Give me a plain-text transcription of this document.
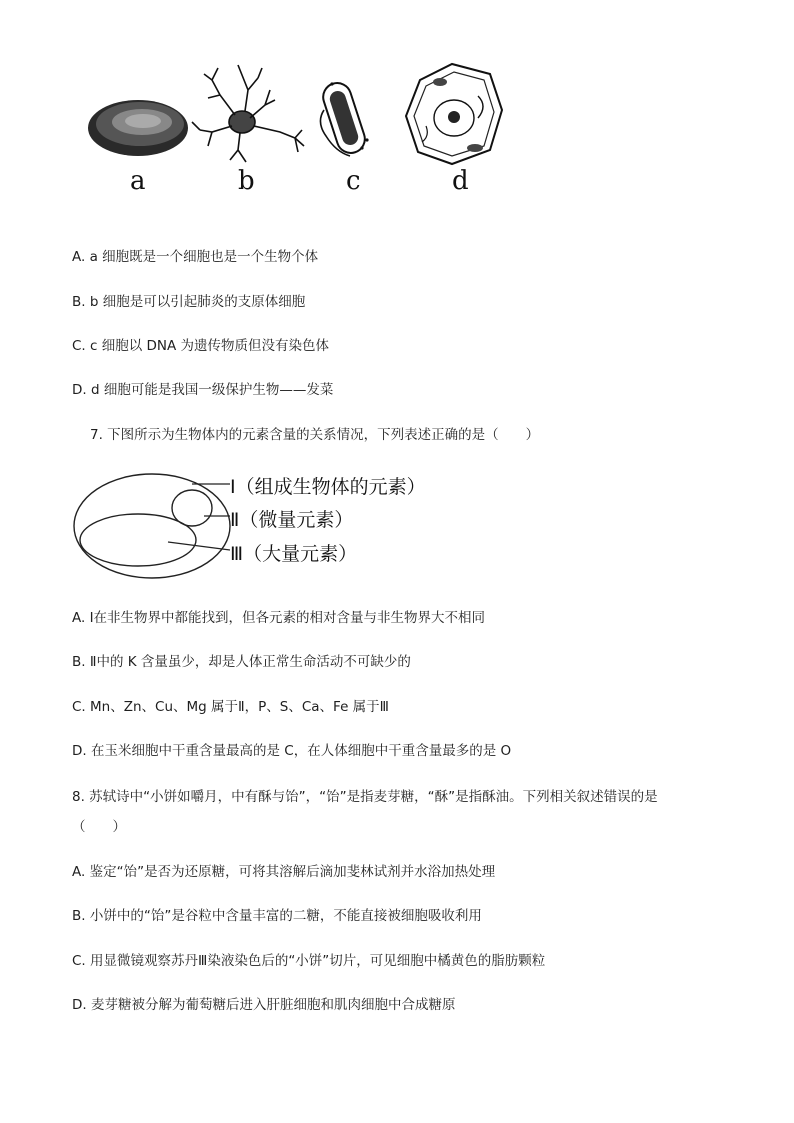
a	b	c	d
A. a 细胞既是一个细胞也是一个生物个体
B. b 细胞是可以引起肺炎的支原体细胞
C. c 细胞以 DNA 为遗传物质但没有染色体
D. d 细胞可能是我国一级保护生物——发菜
7. 下图所示为生物体内的元素含量的关系情况，下列表述正确的是（　　）
Ⅰ（组成生物体的元素）
Ⅱ（微量元素）
Ⅲ（大量元素）
A. Ⅰ在非生物界中都能找到，但各元素的相对含量与非生物界大不相同
B. Ⅱ中的 K 含量虽少，却是人体正常生命活动不可缺少的
C. Mn、Zn、Cu、Mg 属于Ⅱ，P、S、Ca、Fe 属于Ⅲ
D. 在玉米细胞中干重含量最高的是 C，在人体细胞中干重含量最多的是 O
8. 苏轼诗中“小饼如嚼月，中有酥与饴”，“饴”是指麦芽糖，“酥”是指酥油。下列相关叙述错误的是
（　　）
A. 鉴定“饴”是否为还原糖，可将其溶解后滴加斐林试剂并水浴加热处理
B. 小饼中的“饴”是谷粒中含量丰富的二糖，不能直接被细胞吸收利用
C. 用显微镜观察苏丹Ⅲ染液染色后的“小饼”切片，可见细胞中橘黄色的脂肪颗粒
D. 麦芽糖被分解为葡萄糖后进入肝脏细胞和肌肉细胞中合成糖原
